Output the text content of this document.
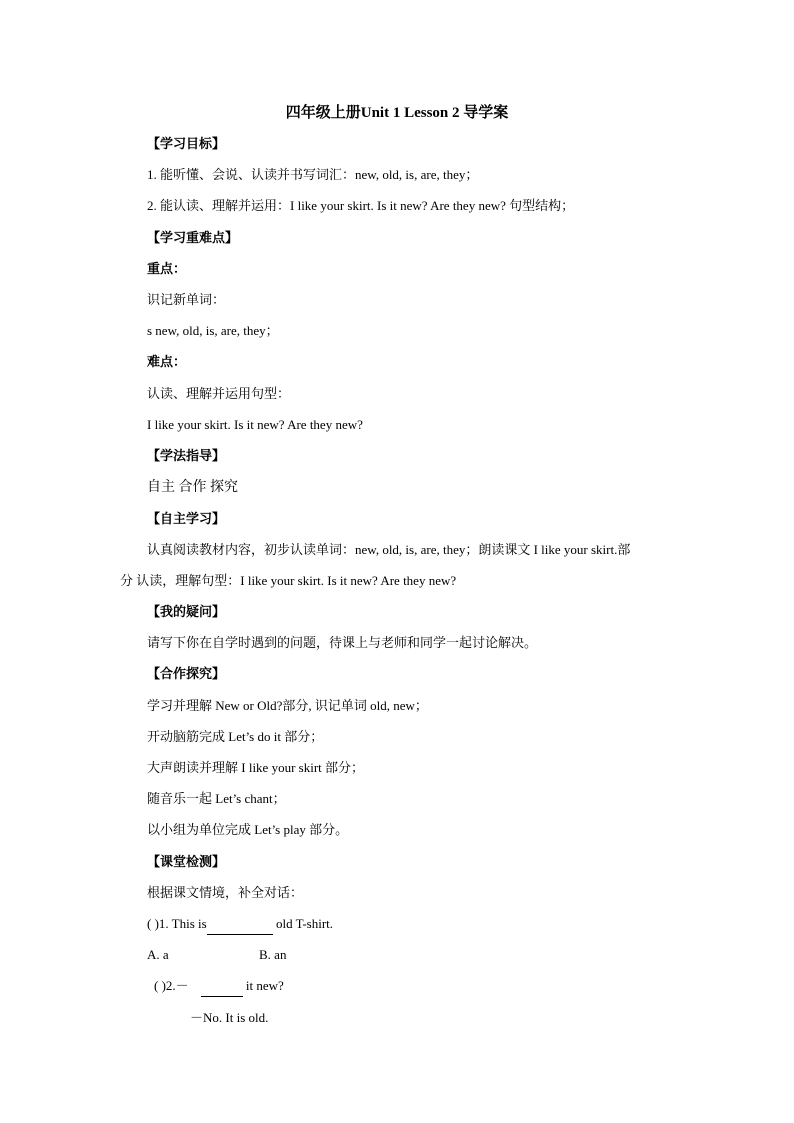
四年级上册Unit 1 Lesson 2 导学案
【学习目标】
1. 能听懂、会说、认读并书写词汇：new, old, is, are, they；
2. 能认读、理解并运用：I like your skirt. Is it new? Are they new? 句型结构；
【学习重难点】
重点：
识记新单词：
s new, old, is, are, they；
难点：
认读、理解并运用句型：
I like your skirt. Is it new? Are they new?
【学法指导】
自主 合作 探究
【自主学习】
认真阅读教材内容，初步认读单词：new, old, is, are, they；朗读课文 I like your skirt.部
分 认读，理解句型：I like your skirt. Is it new? Are they new?
【我的疑问】
请写下你在自学时遇到的问题，待课上与老师和同学一起讨论解决。
【合作探究】
学习并理解 New or Old?部分, 识记单词 old, new；
开动脑筋完成 Let’s do it 部分；
大声朗读并理解 I like your skirt 部分；
随音乐一起 Let’s chant；
以小组为单位完成 Let’s play 部分。
【课堂检测】
根据课文情境，补全对话：
( )1. This is	old T-shirt.
A. a	B. an
( )2.－	it new?
－No. It is old.
